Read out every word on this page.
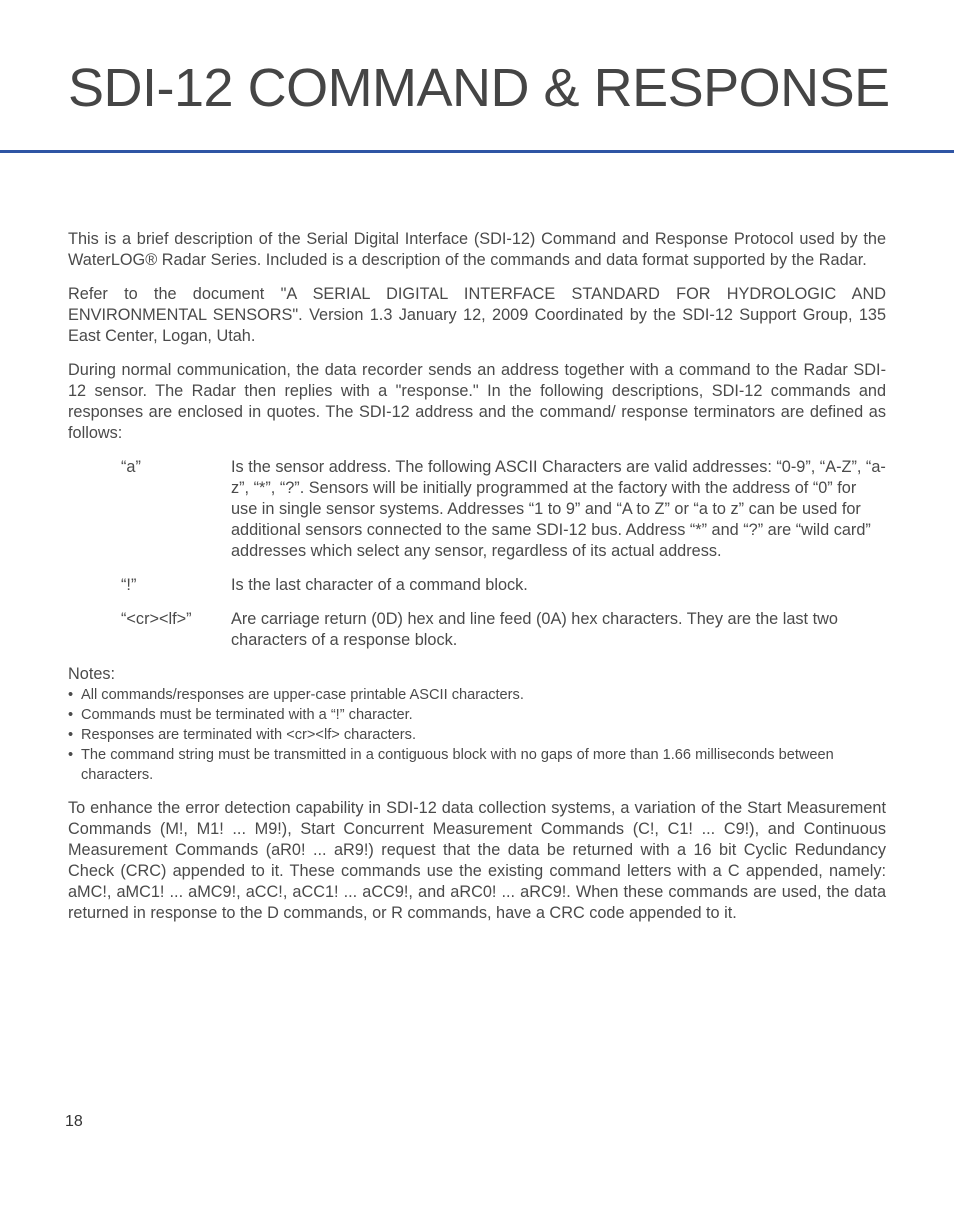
SDI-12 COMMAND & RESPONSE

This is a brief description of the Serial Digital Interface (SDI-12) Command and Response Protocol used by the WaterLOG® Radar Series. Included is a description of the commands and data format supported by the Radar.

Refer to the document "A SERIAL DIGITAL INTERFACE STANDARD FOR HYDROLOGIC AND ENVIRONMENTAL SENSORS". Version 1.3 January 12, 2009 Coordinated by the SDI-12 Support Group, 135 East Center, Logan, Utah.

During normal communication, the data recorder sends an address together with a command to the Radar SDI-12 sensor. The Radar then replies with a "response." In the following descriptions, SDI-12 commands and responses are enclosed in quotes. The SDI-12 address and the command/ response terminators are defined as follows:

“a”	Is the sensor address. The following ASCII Characters are valid addresses: “0-9”, “A-Z”, “a-z”, “*”, “?”. Sensors will be initially programmed at the factory with the address of “0” for use in single sensor systems. Addresses “1 to 9” and “A to Z” or “a to z” can be used for additional sensors connected to the same SDI-12 bus. Address “*” and “?” are “wild card” addresses which select any sensor, regardless of its actual address.
“!”	Is the last character of a command block.
“<cr><lf>”	Are carriage return (0D) hex and line feed (0A) hex characters. They are the last two characters of a response block.
Notes:
• All commands/responses are upper-case printable ASCII characters.
• Commands must be terminated with a “!” character.
• Responses are terminated with <cr><lf> characters.
• The command string must be transmitted in a contiguous block with no gaps of more than 1.66 milliseconds between characters.

To enhance the error detection capability in SDI-12 data collection systems, a variation of the Start Measurement Commands (M!, M1! ... M9!), Start Concurrent Measurement Commands (C!, C1! ... C9!), and Continuous Measurement Commands (aR0! ... aR9!) request that the data be returned with a 16 bit Cyclic Redundancy Check (CRC) appended to it. These commands use the existing command letters with a C appended, namely: aMC!, aMC1! ... aMC9!, aCC!, aCC1! ... aCC9!, and aRC0! ... aRC9!. When these commands are used, the data returned in response to the D commands, or R commands, have a CRC code appended to it.

18
